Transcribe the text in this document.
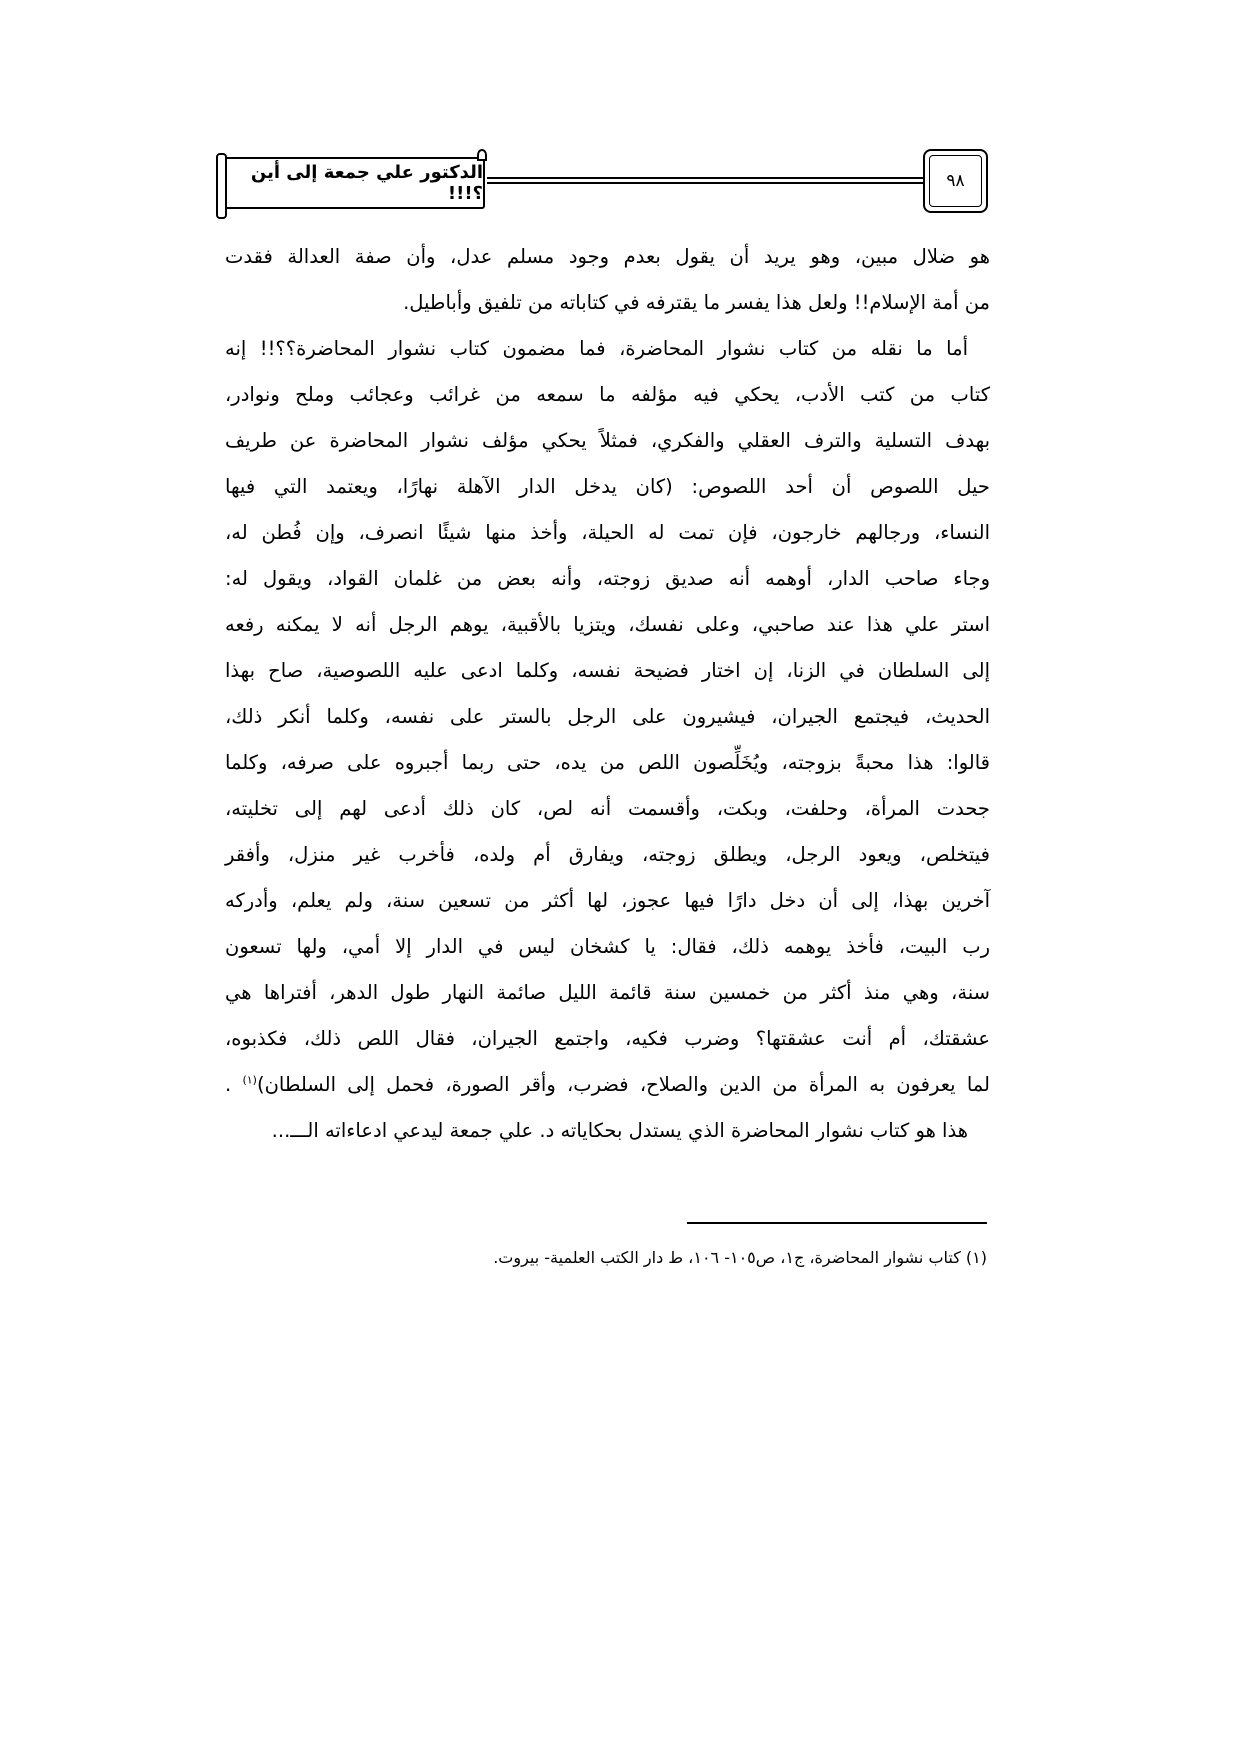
الدكتور علي جمعة إلى أين ؟!!!
٩٨
هو ضلال مبين، وهو يريد أن يقول بعدم وجود مسلم عدل، وأن صفة العدالة فقدت
من أمة الإسلام!! ولعل هذا يفسر ما يقترفه في كتاباته من تلفيق وأباطيل.
أما ما نقله من كتاب نشوار المحاضرة، فما مضمون كتاب نشوار المحاضرة؟؟!! إنه
كتاب من كتب الأدب، يحكي فيه مؤلفه ما سمعه من غرائب وعجائب وملح ونوادر،
بهدف التسلية والترف العقلي والفكري، فمثلاً يحكي مؤلف نشوار المحاضرة عن طريف
حيل اللصوص أن أحد اللصوص: (كان يدخل الدار الآهلة نهارًا، ويعتمد التي فيها
النساء، ورجالهم خارجون، فإن تمت له الحيلة، وأخذ منها شيئًا انصرف، وإن فُطن له،
وجاء صاحب الدار، أوهمه أنه صديق زوجته، وأنه بعض من غلمان القواد، ويقول له:
استر علي هذا عند صاحبي، وعلى نفسك، ويتزيا بالأقبية، يوهم الرجل أنه لا يمكنه رفعه
إلى السلطان في الزنا، إن اختار فضيحة نفسه، وكلما ادعى عليه اللصوصية، صاح بهذا
الحديث، فيجتمع الجيران، فيشيرون على الرجل بالستر على نفسه، وكلما أنكر ذلك،
قالوا: هذا محبةً بزوجته، ويُخَلِّصون اللص من يده، حتى ربما أجبروه على صرفه، وكلما
جحدت المرأة، وحلفت، وبكت، وأقسمت أنه لص، كان ذلك أدعى لهم إلى تخليته،
فيتخلص، ويعود الرجل، ويطلق زوجته، ويفارق أم ولده، فأخرب غير منزل، وأفقر
آخرين بهذا، إلى أن دخل دارًا فيها عجوز، لها أكثر من تسعين سنة، ولم يعلم، وأدركه
رب البيت، فأخذ يوهمه ذلك، فقال: يا كشخان ليس في الدار إلا أمي، ولها تسعون
سنة، وهي منذ أكثر من خمسين سنة قائمة الليل صائمة النهار طول الدهر، أفتراها هي
عشقتك، أم أنت عشقتها؟ وضرب فكيه، واجتمع الجيران، فقال اللص ذلك، فكذبوه،
لما يعرفون به المرأة من الدين والصلاح، فضرب، وأقر الصورة، فحمل إلى السلطان)$^{(١)}$ .
هذا هو كتاب نشوار المحاضرة الذي يستدل بحكاياته د. علي جمعة ليدعي ادعاءاته الـــ...
(١) كتاب نشوار المحاضرة، ج١، ص١٠٥- ١٠٦، ط دار الكتب العلمية- بيروت.
